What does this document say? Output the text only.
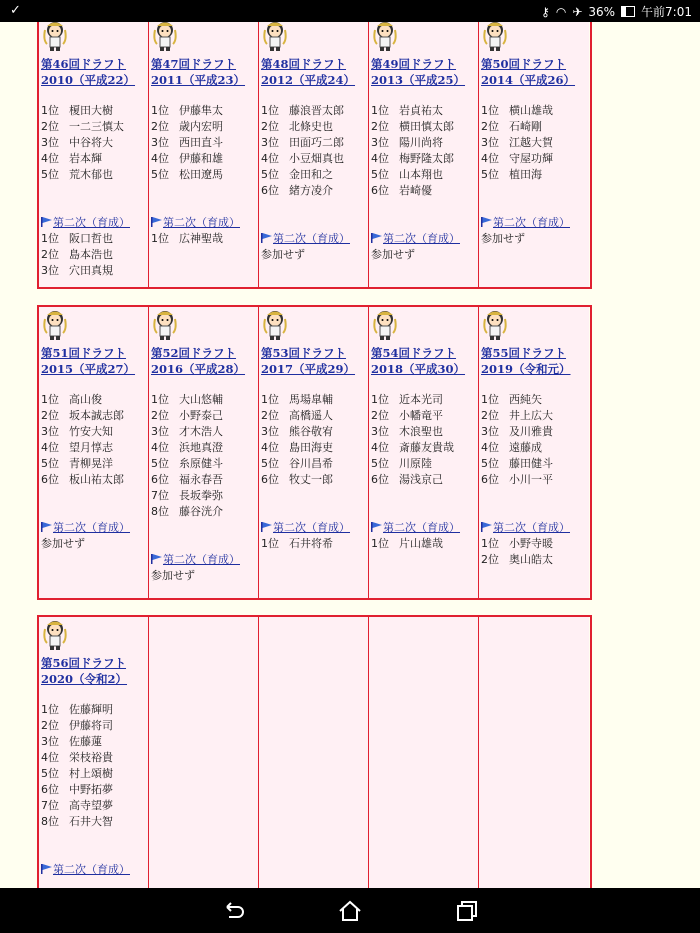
✓	⚷ ◠ ✈ 36% 午前7:01
第46回ドラフト
2010（平成22）
1位 榎田大樹
2位 一二三慎太
3位 中谷将大
4位 岩本輝
5位 荒木郁也
第二次（育成）
1位 阪口哲也
2位 島本浩也
3位 穴田真規
第47回ドラフト
2011（平成23）
1位 伊藤隼太
2位 歳内宏明
3位 西田直斗
4位 伊藤和雄
5位 松田遼馬
第二次（育成）
1位 広神聖哉
第48回ドラフト
2012（平成24）
1位 藤浪晋太郎
2位 北條史也
3位 田面巧二郎
4位 小豆畑真也
5位 金田和之
6位 緒方凌介
第二次（育成）
参加せず
第49回ドラフト
2013（平成25）
1位 岩貞祐太
2位 横田慎太郎
3位 陽川尚将
4位 梅野隆太郎
5位 山本翔也
6位 岩崎優
第二次（育成）
参加せず
第50回ドラフト
2014（平成26）
1位 横山雄哉
2位 石崎剛
3位 江越大賀
4位 守屋功輝
5位 植田海
第二次（育成）
参加せず
第51回ドラフト
2015（平成27）
1位 高山俊
2位 坂本誠志郎
3位 竹安大知
4位 望月惇志
5位 青柳晃洋
6位 板山祐太郎
第二次（育成）
参加せず
第52回ドラフト
2016（平成28）
1位 大山悠輔
2位 小野泰己
3位 才木浩人
4位 浜地真澄
5位 糸原健斗
6位 福永春吾
7位 長坂拳弥
8位 藤谷洸介
第二次（育成）
参加せず
第53回ドラフト
2017（平成29）
1位 馬場皐輔
2位 高橋遥人
3位 熊谷敬宥
4位 島田海吏
5位 谷川昌希
6位 牧丈一郎
第二次（育成）
1位 石井将希
第54回ドラフト
2018（平成30）
1位 近本光司
2位 小幡竜平
3位 木浪聖也
4位 斎藤友貴哉
5位 川原陸
6位 湯浅京己
第二次（育成）
1位 片山雄哉
第55回ドラフト
2019（令和元）
1位 西純矢
2位 井上広大
3位 及川雅貴
4位 遠藤成
5位 藤田健斗
6位 小川一平
第二次（育成）
1位 小野寺暖
2位 奥山皓太
第56回ドラフト
2020（令和2）
1位 佐藤輝明
2位 伊藤将司
3位 佐藤蓮
4位 栄枝裕貴
5位 村上頌樹
6位 中野拓夢
7位 高寺望夢
8位 石井大智
第二次（育成）
